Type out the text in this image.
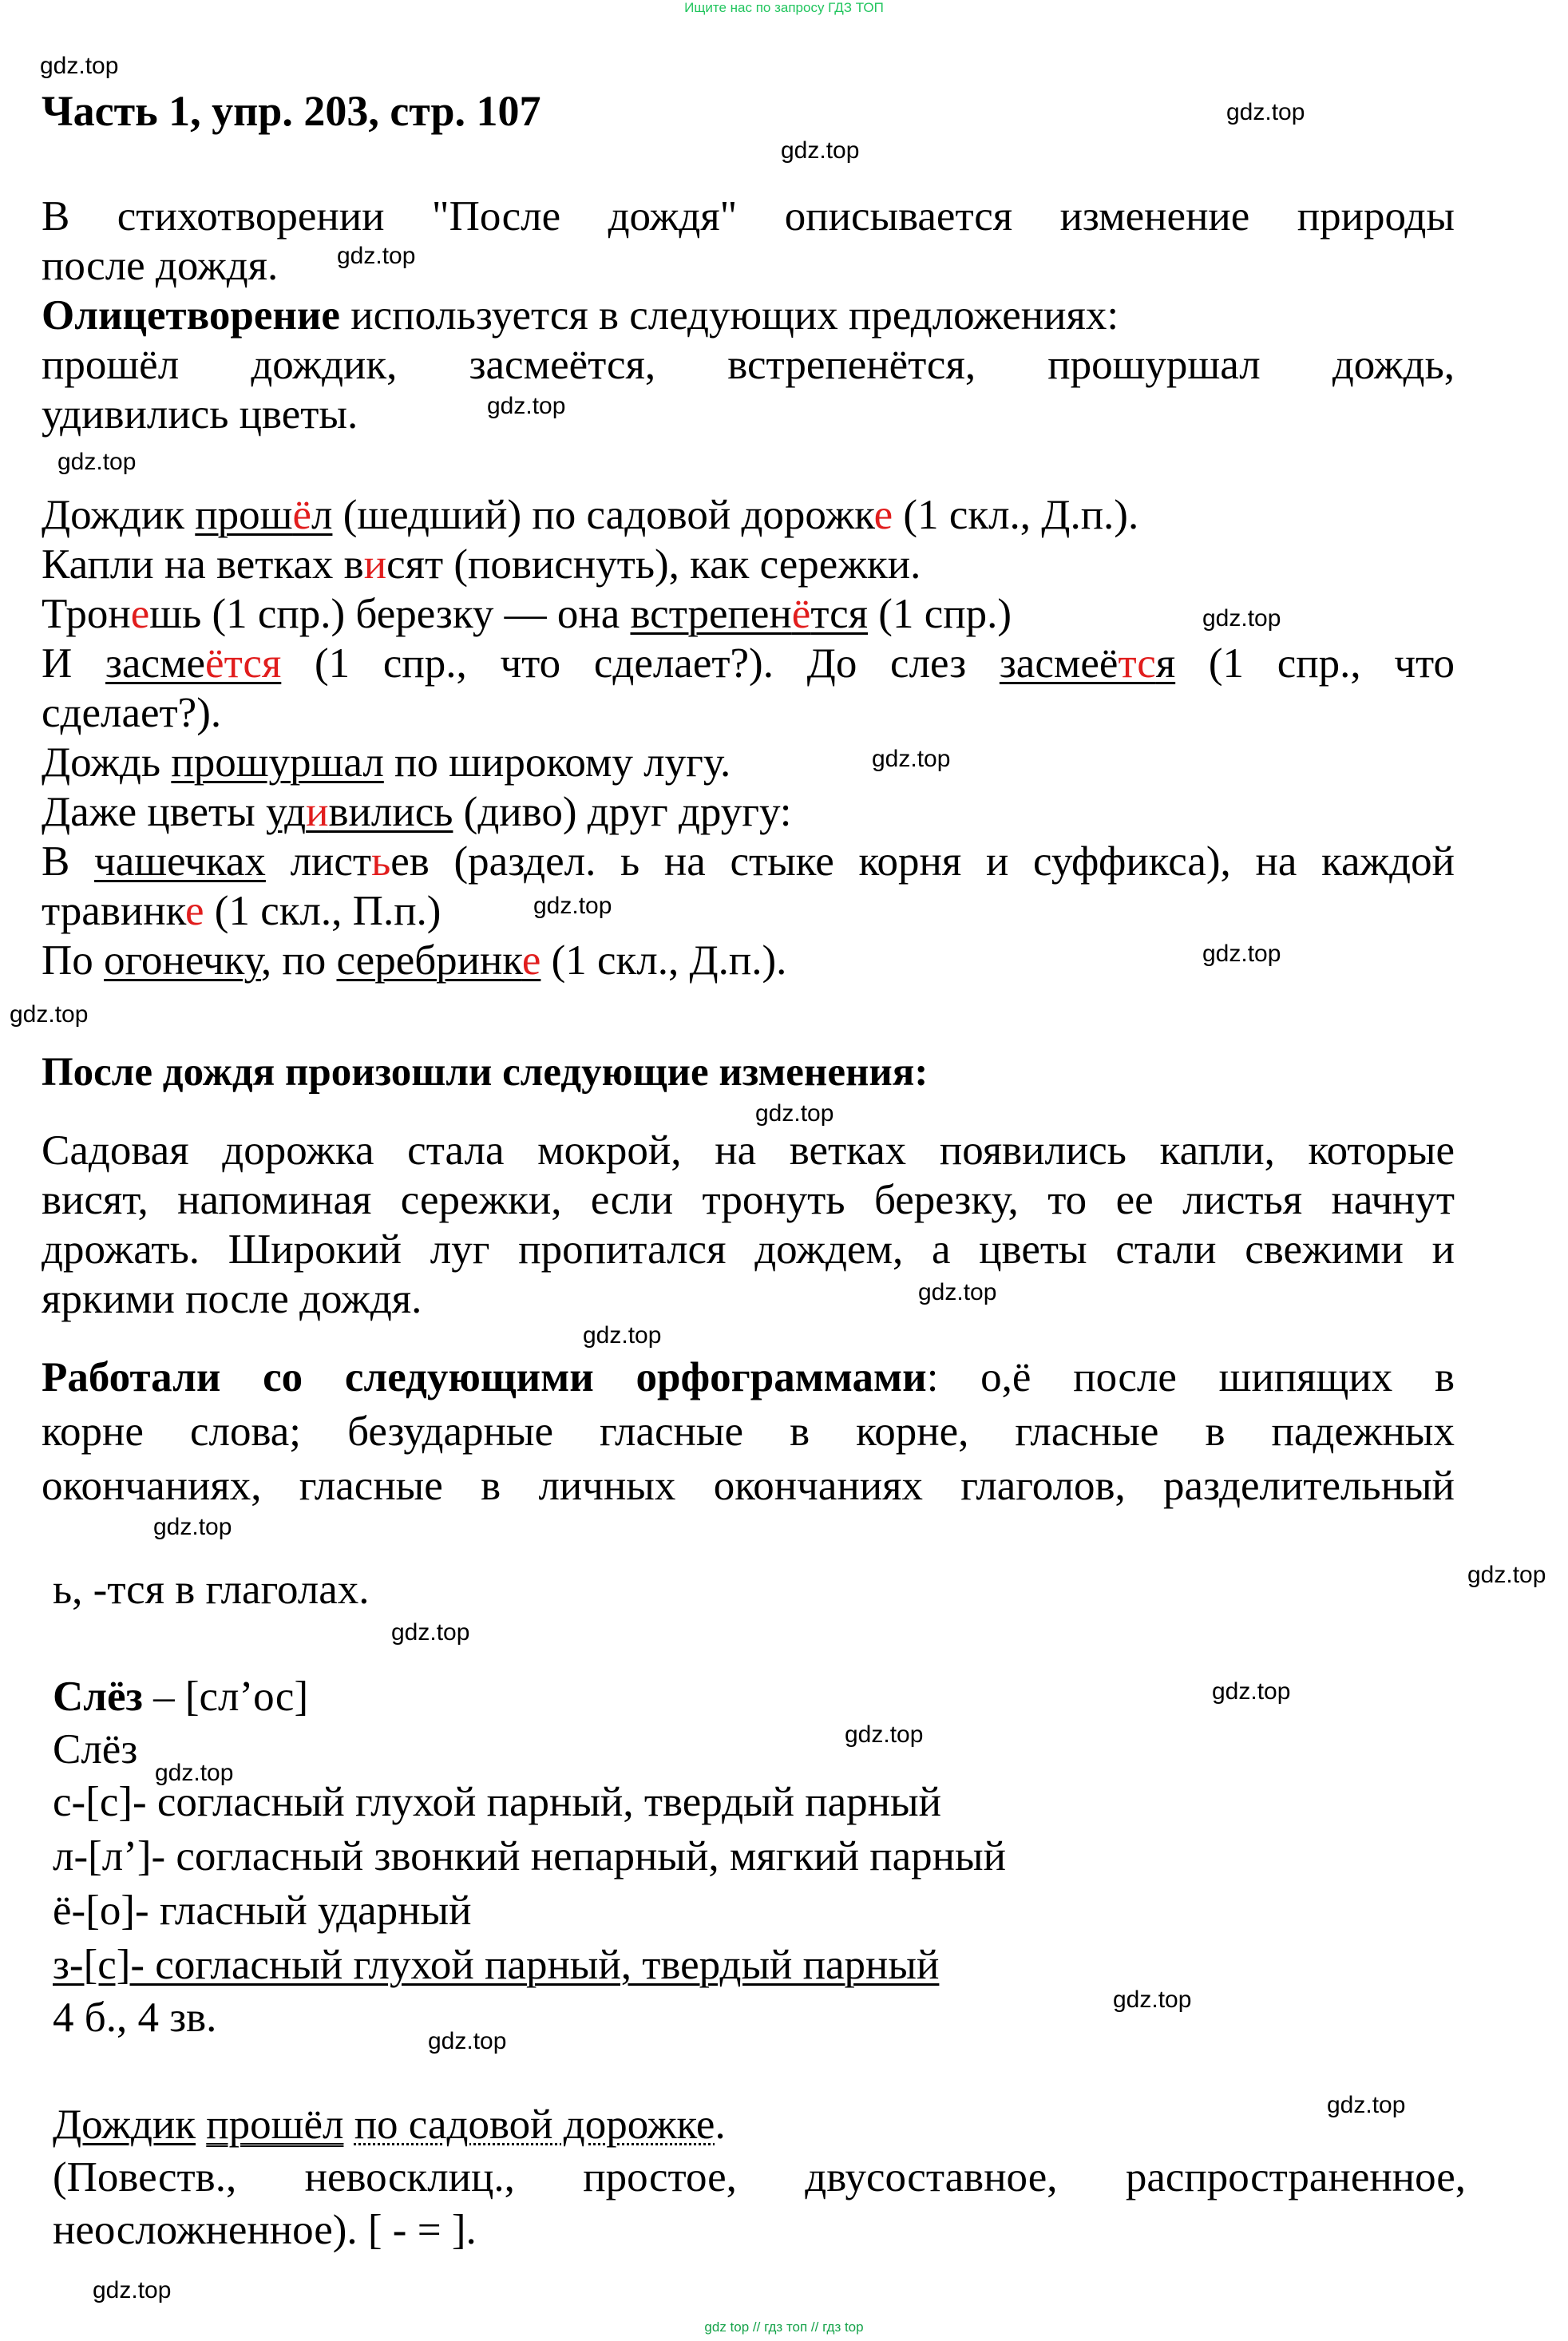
Ищите нас по запросу ГДЗ ТОП
gdz.top
gdz.top
gdz.top
gdz.top
gdz.top
gdz.top
gdz.top
gdz.top
gdz.top
gdz.top
gdz.top
gdz.top
gdz.top
gdz.top
gdz.top
gdz.top
gdz.top
gdz.top
gdz.top
gdz.top
gdz.top
gdz.top
gdz.top
gdz.top
Часть 1, упр. 203, стр. 107
В стихотворении "После дождя" описывается изменение природы
после дождя.
Олицетворение используется в следующих предложениях:
прошёл дождик, засмеётся, встрепенётся, прошуршал дождь,
удивились цветы.
Дождик прошёл (шедший) по садовой дорожке (1 скл., Д.п.).
Капли на ветках висят (повиснуть), как сережки.
Тронешь (1 спр.) березку — она встрепенётся (1 спр.)
И засмеётся (1 спр., что сделает?). До слез засмеётся (1 спр., что
сделает?).
Дождь прошуршал по широкому лугу.
Даже цветы удивились (диво) друг другу:
В чашечках листьев (раздел. ь на стыке корня и суффикса), на каждой
травинке (1 скл., П.п.)
По огонечку, по серебринке (1 скл., Д.п.).
После дождя произошли следующие изменения:
Садовая дорожка стала мокрой, на ветках появились капли, которые
висят, напоминая сережки, если тронуть березку, то ее листья начнут
дрожать. Широкий луг пропитался дождем, а цветы стали свежими и
яркими после дождя.
Работали со следующими орфограммами: о,ё после шипящих в
корне слова; безударные гласные в корне, гласные в падежных
окончаниях, гласные в личных окончаниях глаголов, разделительный
ь, -тся в глаголах.
Слёз – [сл’ос]
Слёз
с-[с]- согласный глухой парный, твердый парный
л-[л’]- согласный звонкий непарный, мягкий парный
ё-[о]- гласный ударный
з-[с]- согласный глухой парный, твердый парный
4 б., 4 зв.
Дождик прошёл по садовой дорожке.
(Повеств., невосклиц., простое, двусоставное, распространенное,
неосложненное). [ - = ].
gdz top // гдз топ // гдз top
